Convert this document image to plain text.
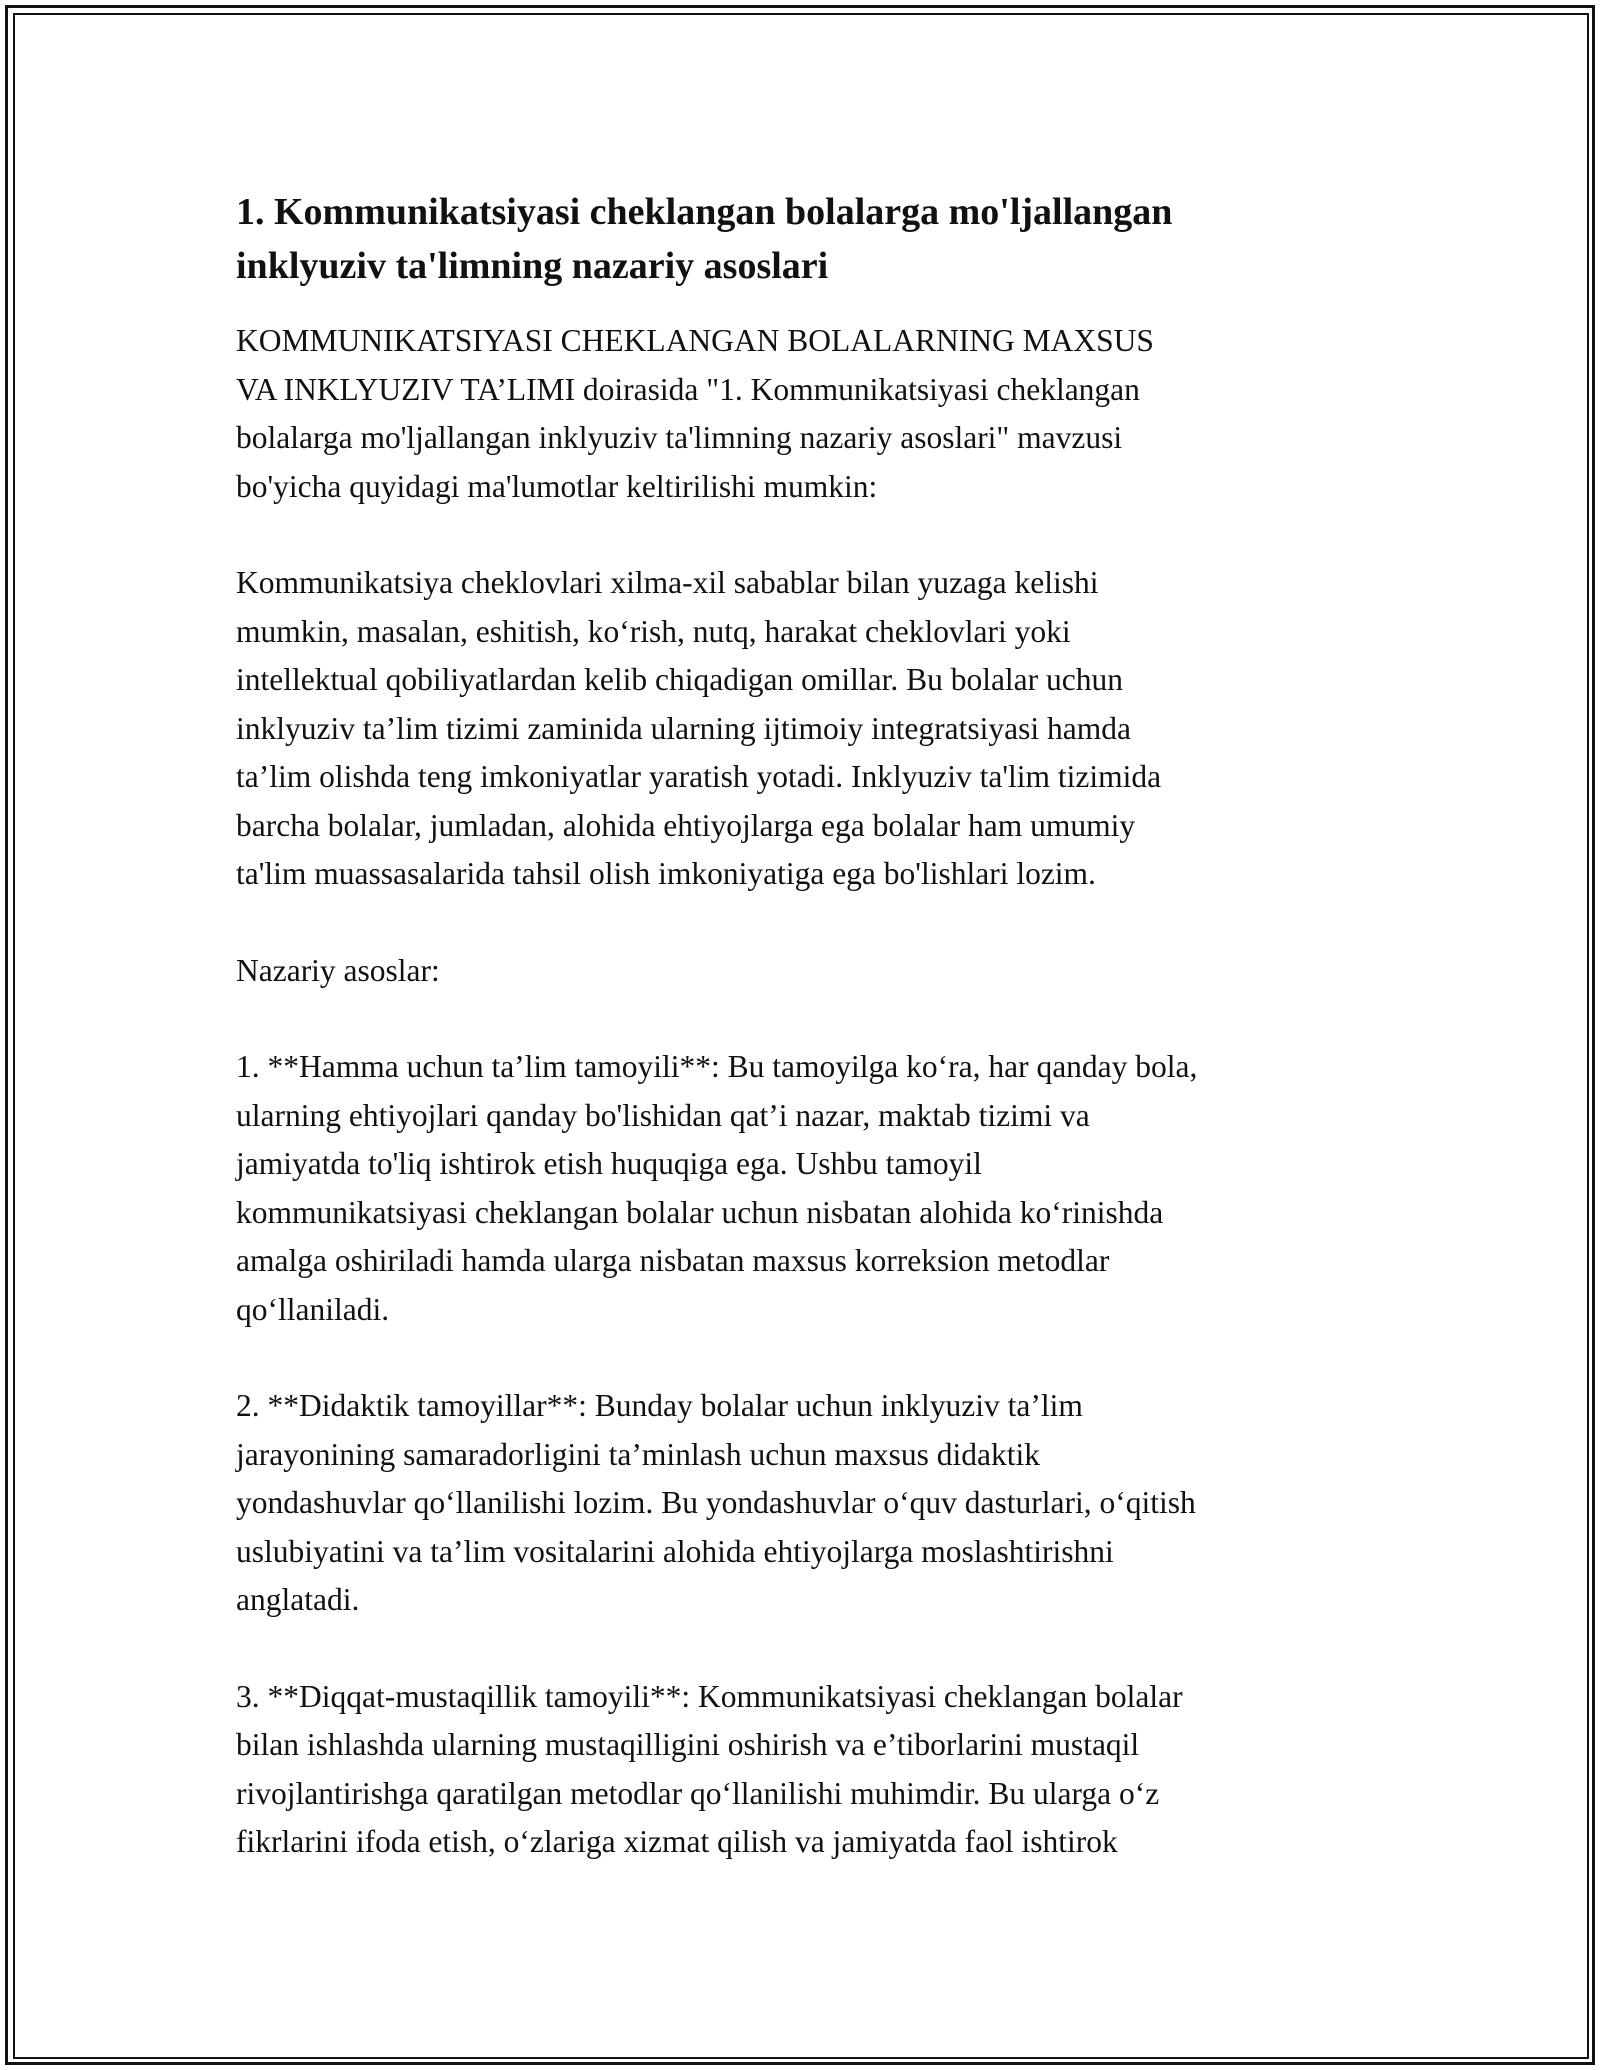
1. Kommunikatsiyasi cheklangan bolalarga mo'ljallangan
inklyuziv ta'limning nazariy asoslari

KOMMUNIKATSIYASI CHEKLANGAN BOLALARNING MAXSUS
VA INKLYUZIV TA’LIMI doirasida "1. Kommunikatsiyasi cheklangan
bolalarga mo'ljallangan inklyuziv ta'limning nazariy asoslari" mavzusi
bo'yicha quyidagi ma'lumotlar keltirilishi mumkin:

Kommunikatsiya cheklovlari xilma-xil sabablar bilan yuzaga kelishi
mumkin, masalan, eshitish, ko‘rish, nutq, harakat cheklovlari yoki
intellektual qobiliyatlardan kelib chiqadigan omillar. Bu bolalar uchun
inklyuziv ta’lim tizimi zaminida ularning ijtimoiy integratsiyasi hamda
ta’lim olishda teng imkoniyatlar yaratish yotadi. Inklyuziv ta'lim tizimida
barcha bolalar, jumladan, alohida ehtiyojlarga ega bolalar ham umumiy
ta'lim muassasalarida tahsil olish imkoniyatiga ega bo'lishlari lozim.

Nazariy asoslar:

1. **Hamma uchun ta’lim tamoyili**: Bu tamoyilga ko‘ra, har qanday bola,
ularning ehtiyojlari qanday bo'lishidan qat’i nazar, maktab tizimi va
jamiyatda to'liq ishtirok etish huquqiga ega. Ushbu tamoyil
kommunikatsiyasi cheklangan bolalar uchun nisbatan alohida ko‘rinishda
amalga oshiriladi hamda ularga nisbatan maxsus korreksion metodlar
qo‘llaniladi.

2. **Didaktik tamoyillar**: Bunday bolalar uchun inklyuziv ta’lim
jarayonining samaradorligini ta’minlash uchun maxsus didaktik
yondashuvlar qo‘llanilishi lozim. Bu yondashuvlar o‘quv dasturlari, o‘qitish
uslubiyatini va ta’lim vositalarini alohida ehtiyojlarga moslashtirishni
anglatadi.

3. **Diqqat-mustaqillik tamoyili**: Kommunikatsiyasi cheklangan bolalar
bilan ishlashda ularning mustaqilligini oshirish va e’tiborlarini mustaqil
rivojlantirishga qaratilgan metodlar qo‘llanilishi muhimdir. Bu ularga o‘z
fikrlarini ifoda etish, o‘zlariga xizmat qilish va jamiyatda faol ishtirok
